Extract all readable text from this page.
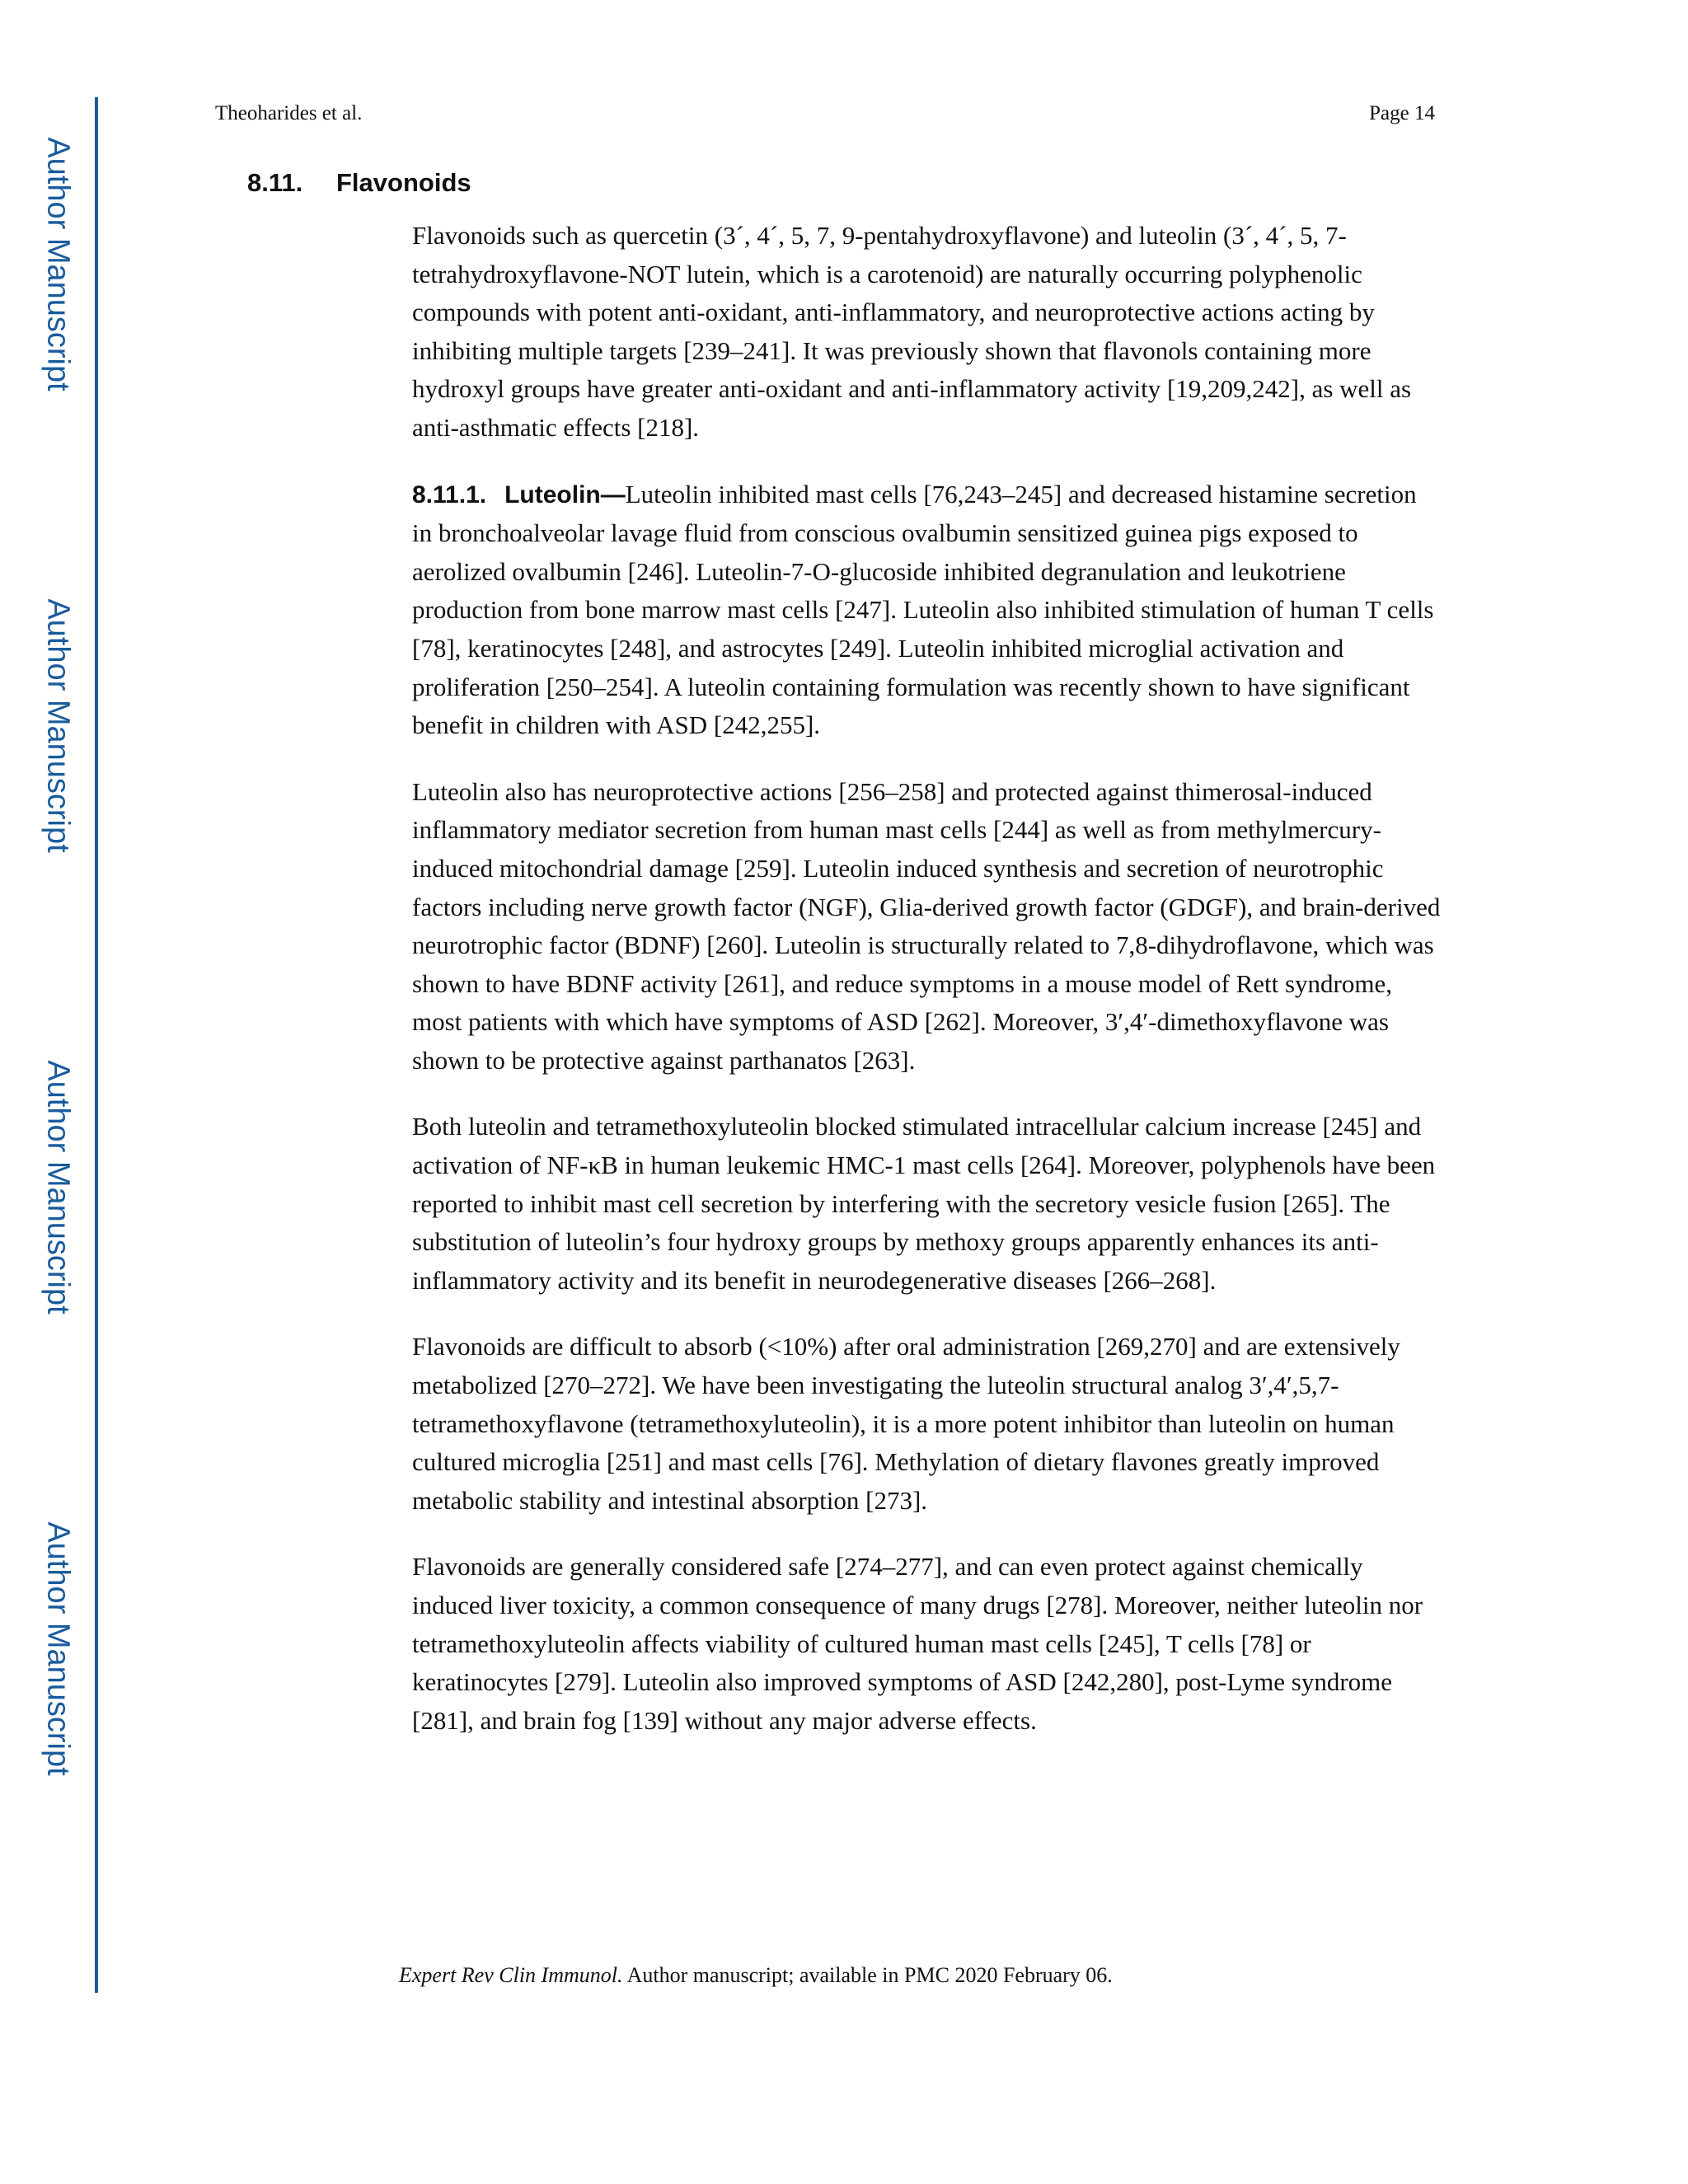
Author Manuscript
Author Manuscript
Author Manuscript
Author Manuscript
Theoharides et al.	Page 14
8.11. Flavonoids

Flavonoids such as quercetin (3´, 4´, 5, 7, 9-pentahydroxyflavone) and luteolin (3´, 4´, 5, 7-tetrahydroxyflavone-NOT lutein, which is a carotenoid) are naturally occurring polyphenolic compounds with potent anti-oxidant, anti-inflammatory, and neuroprotective actions acting by inhibiting multiple targets [239–241]. It was previously shown that flavonols containing more hydroxyl groups have greater anti-oxidant and anti-inflammatory activity [19,209,242], as well as anti-asthmatic effects [218].

8.11.1. Luteolin—Luteolin inhibited mast cells [76,243–245] and decreased histamine secretion in bronchoalveolar lavage fluid from conscious ovalbumin sensitized guinea pigs exposed to aerolized ovalbumin [246]. Luteolin-7-O-glucoside inhibited degranulation and leukotriene production from bone marrow mast cells [247]. Luteolin also inhibited stimulation of human T cells [78], keratinocytes [248], and astrocytes [249]. Luteolin inhibited microglial activation and proliferation [250–254]. A luteolin containing formulation was recently shown to have significant benefit in children with ASD [242,255].

Luteolin also has neuroprotective actions [256–258] and protected against thimerosal-induced inflammatory mediator secretion from human mast cells [244] as well as from methylmercury-induced mitochondrial damage [259]. Luteolin induced synthesis and secretion of neurotrophic factors including nerve growth factor (NGF), Glia-derived growth factor (GDGF), and brain-derived neurotrophic factor (BDNF) [260]. Luteolin is structurally related to 7,8-dihydroflavone, which was shown to have BDNF activity [261], and reduce symptoms in a mouse model of Rett syndrome, most patients with which have symptoms of ASD [262]. Moreover, 3′,4′-dimethoxyflavone was shown to be protective against parthanatos [263].

Both luteolin and tetramethoxyluteolin blocked stimulated intracellular calcium increase [245] and activation of NF-κB in human leukemic HMC-1 mast cells [264]. Moreover, polyphenols have been reported to inhibit mast cell secretion by interfering with the secretory vesicle fusion [265]. The substitution of luteolin’s four hydroxy groups by methoxy groups apparently enhances its anti-inflammatory activity and its benefit in neurodegenerative diseases [266–268].

Flavonoids are difficult to absorb (<10%) after oral administration [269,270] and are extensively metabolized [270–272]. We have been investigating the luteolin structural analog 3′,4′,5,7-tetramethoxyflavone (tetramethoxyluteolin), it is a more potent inhibitor than luteolin on human cultured microglia [251] and mast cells [76]. Methylation of dietary flavones greatly improved metabolic stability and intestinal absorption [273].

Flavonoids are generally considered safe [274–277], and can even protect against chemically induced liver toxicity, a common consequence of many drugs [278]. Moreover, neither luteolin nor tetramethoxyluteolin affects viability of cultured human mast cells [245], T cells [78] or keratinocytes [279]. Luteolin also improved symptoms of ASD [242,280], post-Lyme syndrome [281], and brain fog [139] without any major adverse effects.

Expert Rev Clin Immunol. Author manuscript; available in PMC 2020 February 06.
